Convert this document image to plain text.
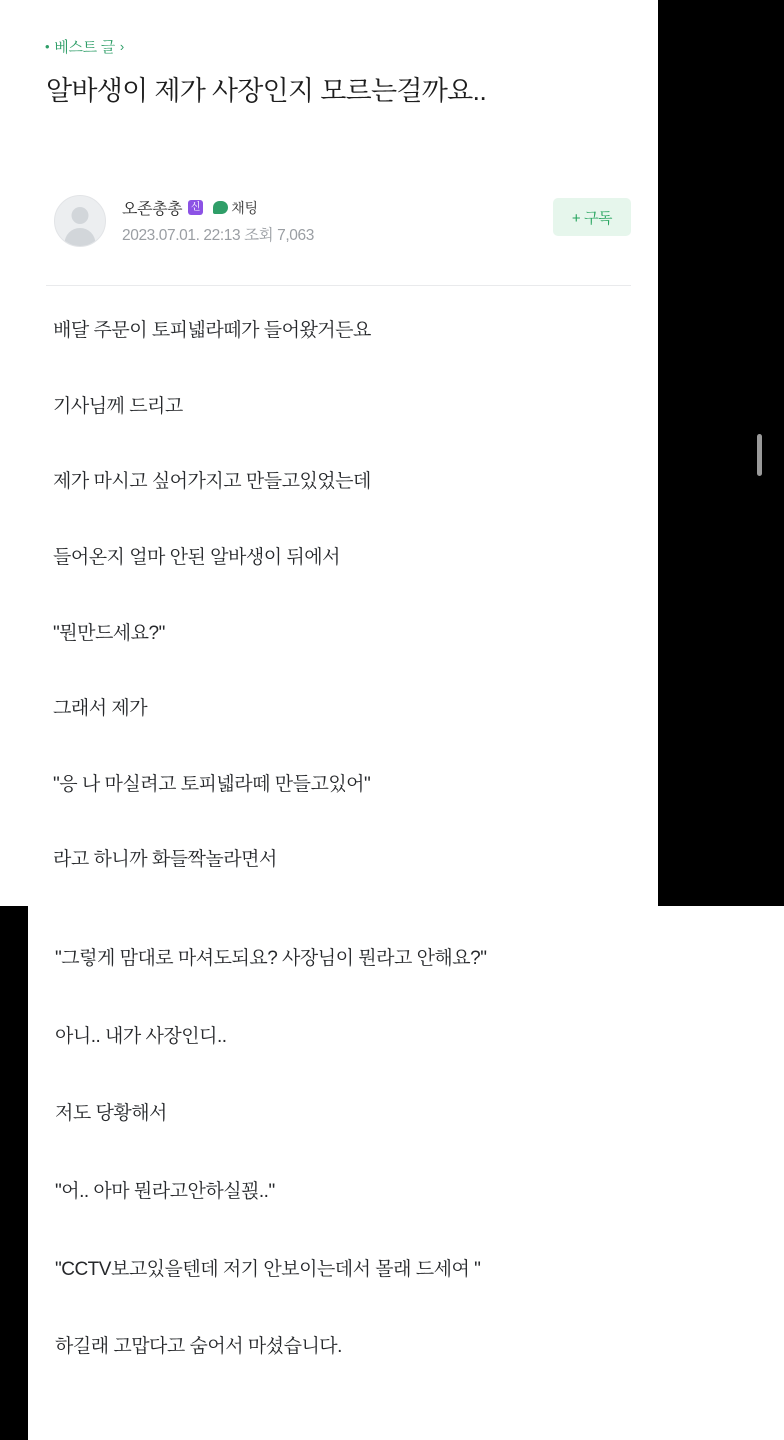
• 베스트 글 ›
알바생이 제가 사장인지 모르는걸까요..
오존총총 신 채팅
2023.07.01. 22:13 조회 7,063
+ 구독

배달 주문이 토피넯라떼가 들어왔거든요

기사님께 드리고

제가 마시고 싶어가지고 만들고있었는데

들어온지 얼마 안된 알바생이 뒤에서

"뭔만드세요?"

그래서 제가

"응 나 마실려고 토피넯라떼 만들고있어"

라고 하니까 화들짝놀라면서

"그렇게 맘대로 마셔도되요? 사장님이 뭔라고 안해요?"

아니.. 내가 사장인디..

저도 당황해서

"어.. 아마 뭔라고안하실꾅.."

"CCTV보고있을텐데 저기 안보이는데서 몰래 드세여 "

하길래 고맙다고 숨어서 마셨습니다.
